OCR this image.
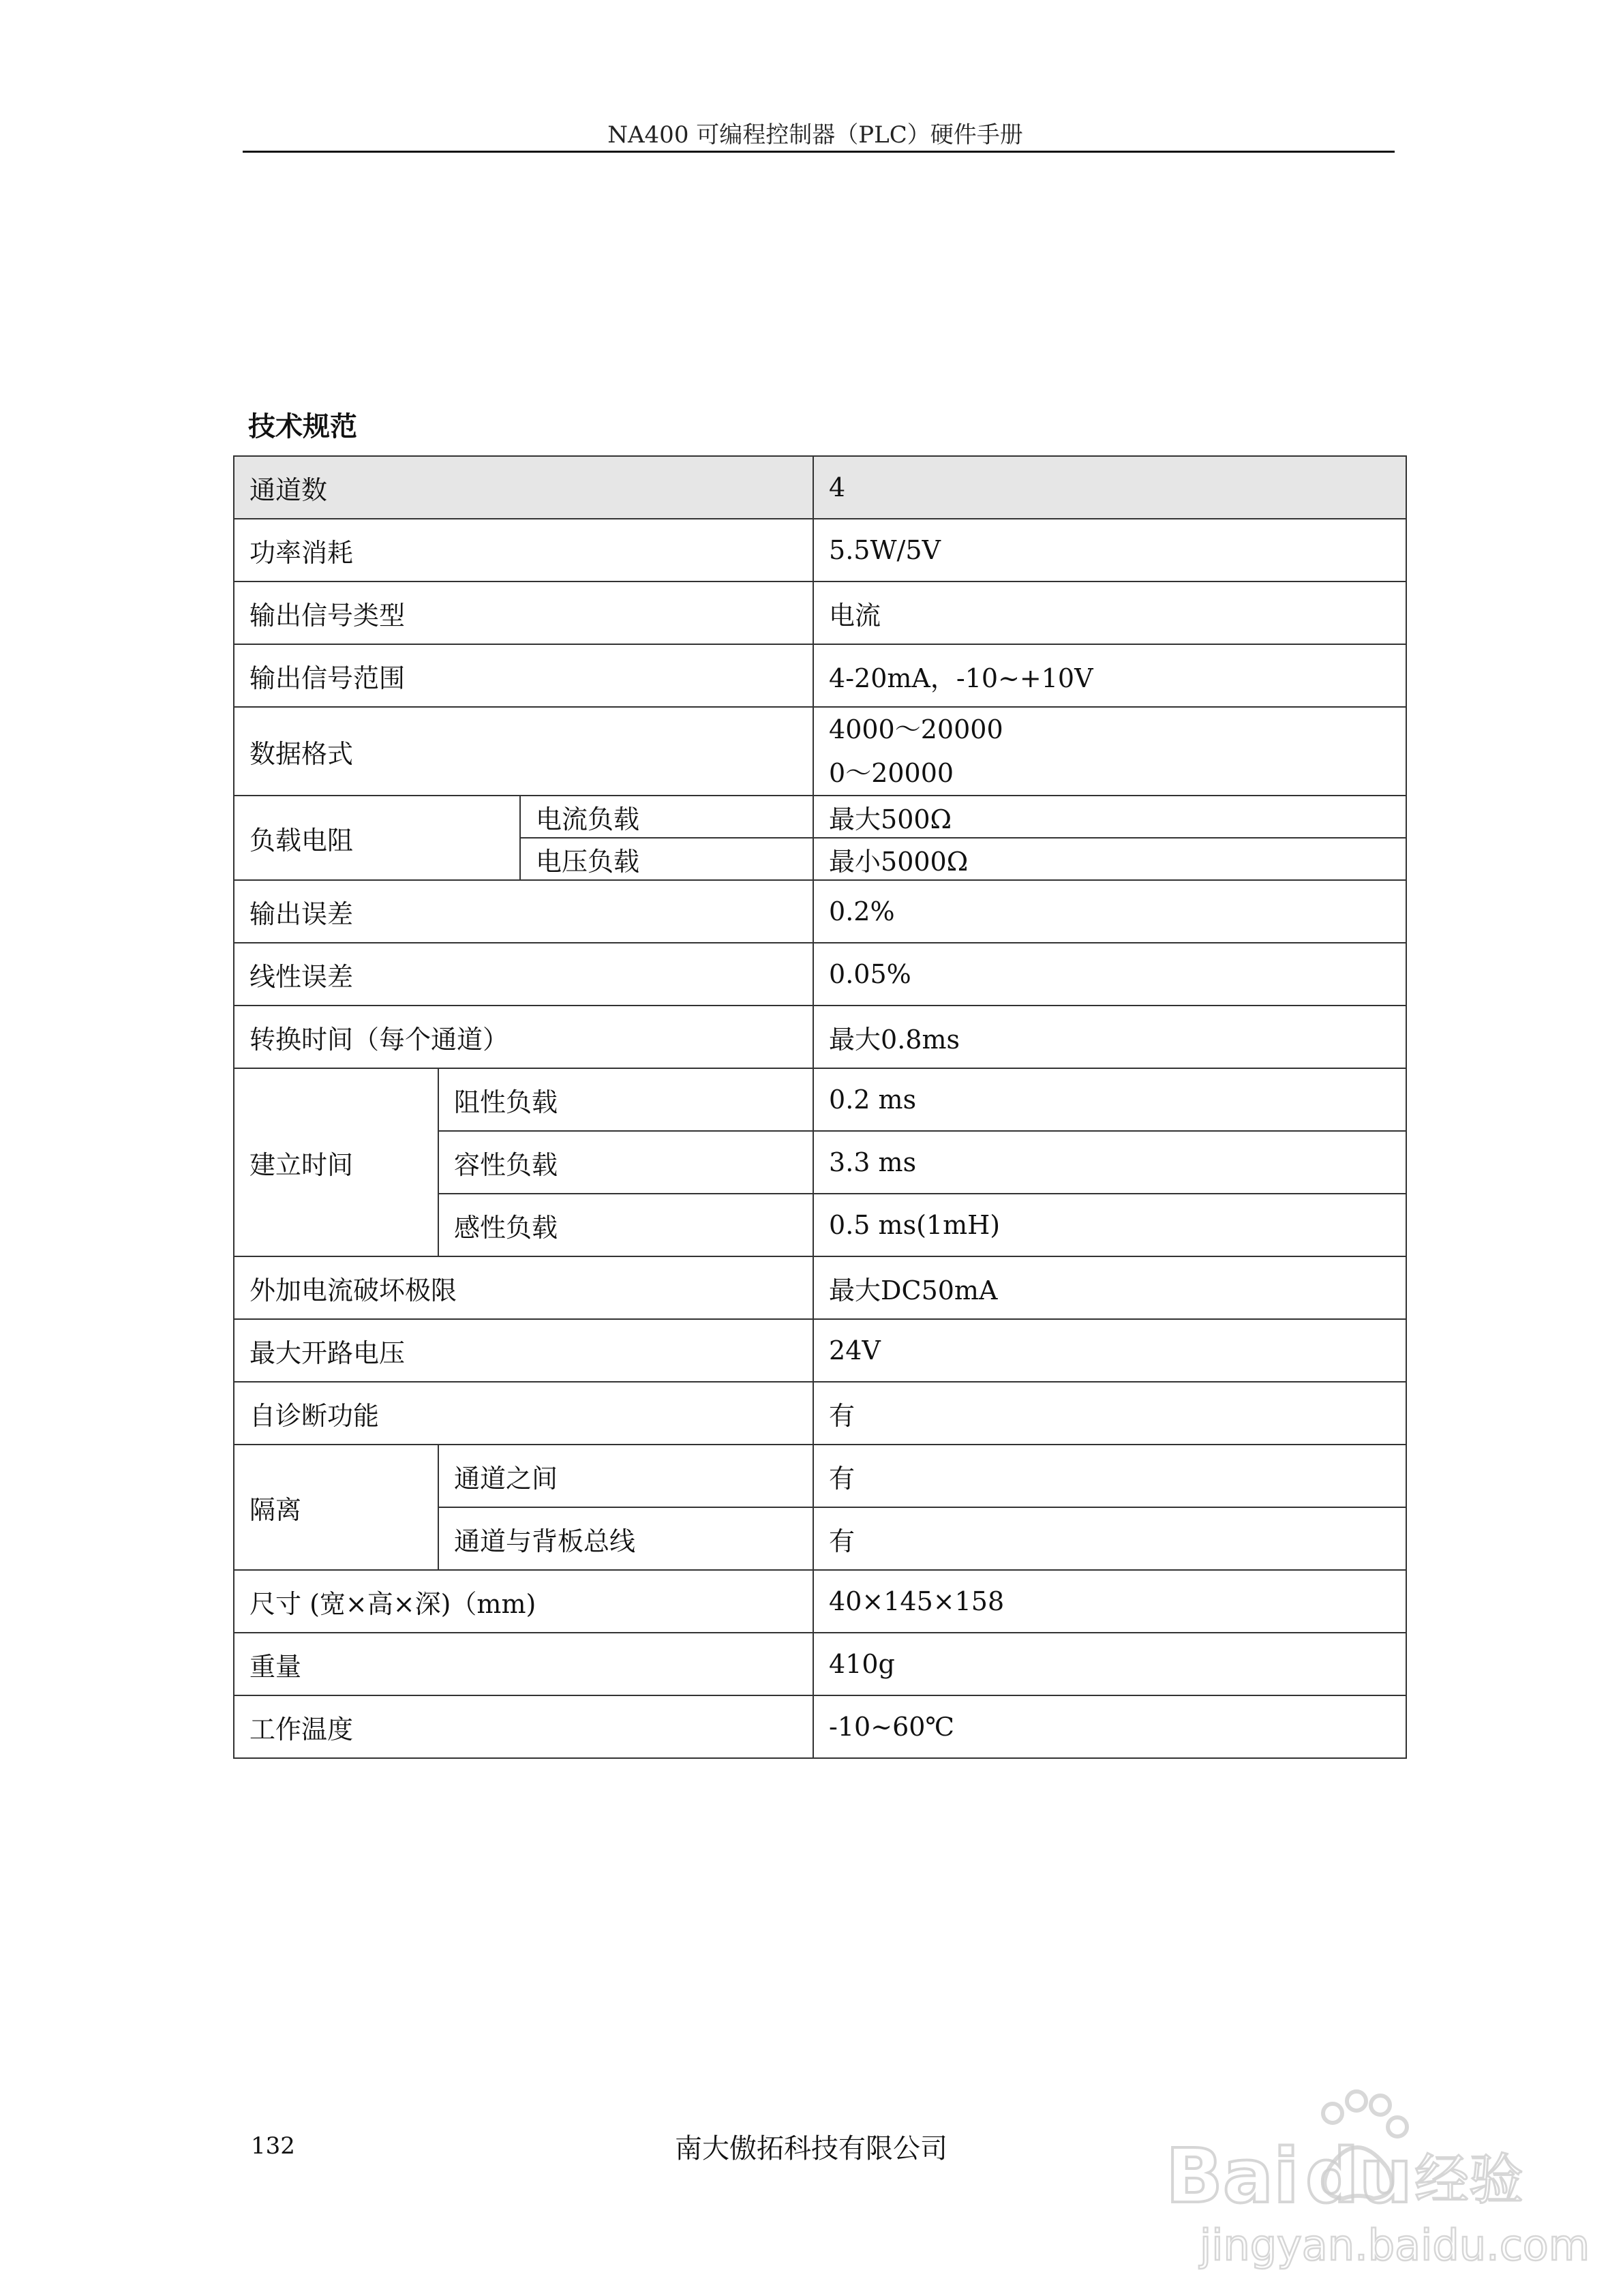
NA400 可编程控制器（PLC）硬件手册
技术规范
通道数			4
功率消耗			5.5W/5V
输出信号类型			电流
输出信号范围			4-20mA，-10~+10V
数据格式			4000～20000
0～20000
负载电阻		电流负载	最大500Ω
		电压负载	最小5000Ω
输出误差			0.2%
线性误差			0.05%
转换时间（每个通道）			最大0.8ms
建立时间	阻性负载		0.2 ms
	容性负载		3.3 ms
	感性负载		0.5 ms(1mH)
外加电流破坏极限			最大DC50mA
最大开路电压			24V
自诊断功能			有
隔离	通道之间		有
	通道与背板总线		有
尺寸 (宽×高×深)（mm)			40×145×158
重量			410g
工作温度			-10~60℃
132	南大傲拓科技有限公司	Bai du 经验
jingyan.baidu.com
